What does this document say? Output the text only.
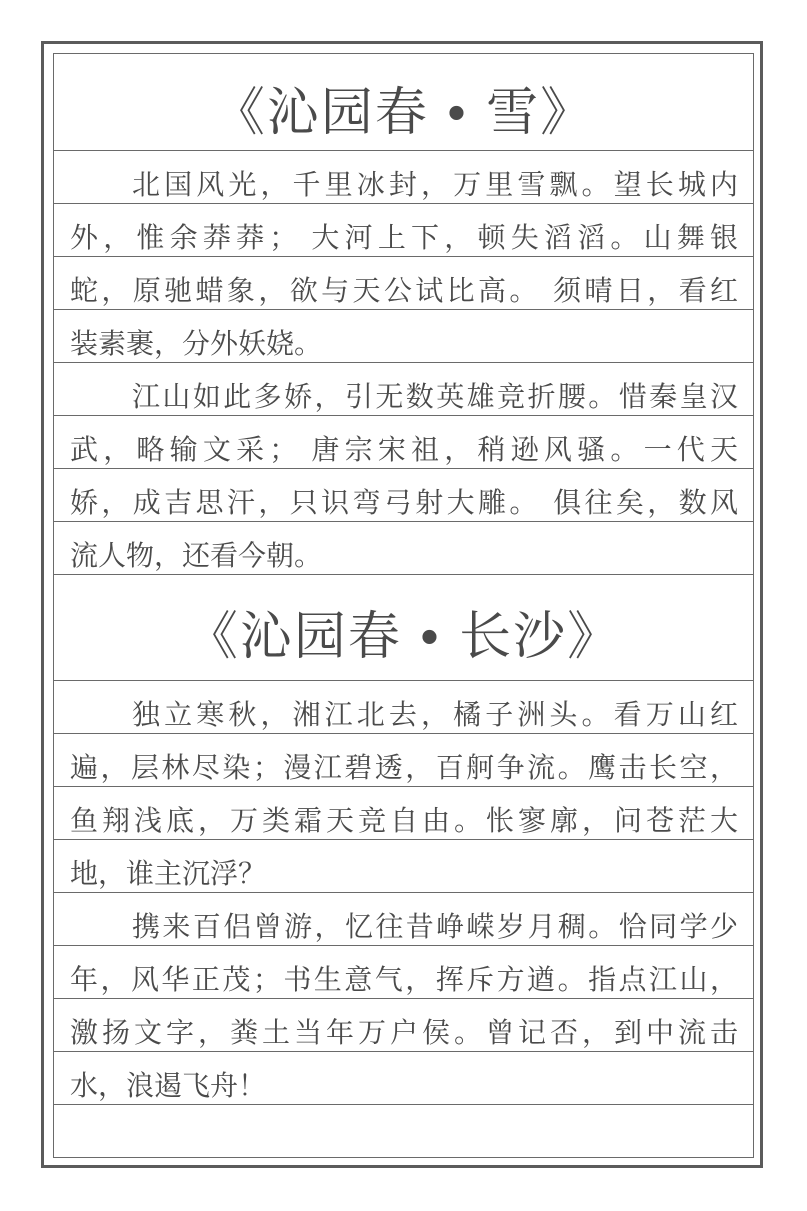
《沁园春 • 雪》
北国风光，千里冰封，万里雪飘。望长城内
外，惟余莽莽； 大河上下，顿失滔滔。山舞银
蛇，原驰蜡象，欲与天公试比高。 须晴日，看红
装素裹，分外妖娆。
江山如此多娇，引无数英雄竞折腰。惜秦皇汉
武，略输文采； 唐宗宋祖，稍逊风骚。一代天
娇，成吉思汗，只识弯弓射大雕。 俱往矣，数风
流人物，还看今朝。
《沁园春 • 长沙》
独立寒秋，湘江北去，橘子洲头。看万山红
遍，层林尽染；漫江碧透，百舸争流。鹰击长空，
鱼翔浅底，万类霜天竞自由。怅寥廓，问苍茫大
地，谁主沉浮？
携来百侣曾游，忆往昔峥嵘岁月稠。恰同学少
年，风华正茂；书生意气，挥斥方遒。指点江山，
激扬文字，粪土当年万户侯。曾记否，到中流击
水，浪遏飞舟！
